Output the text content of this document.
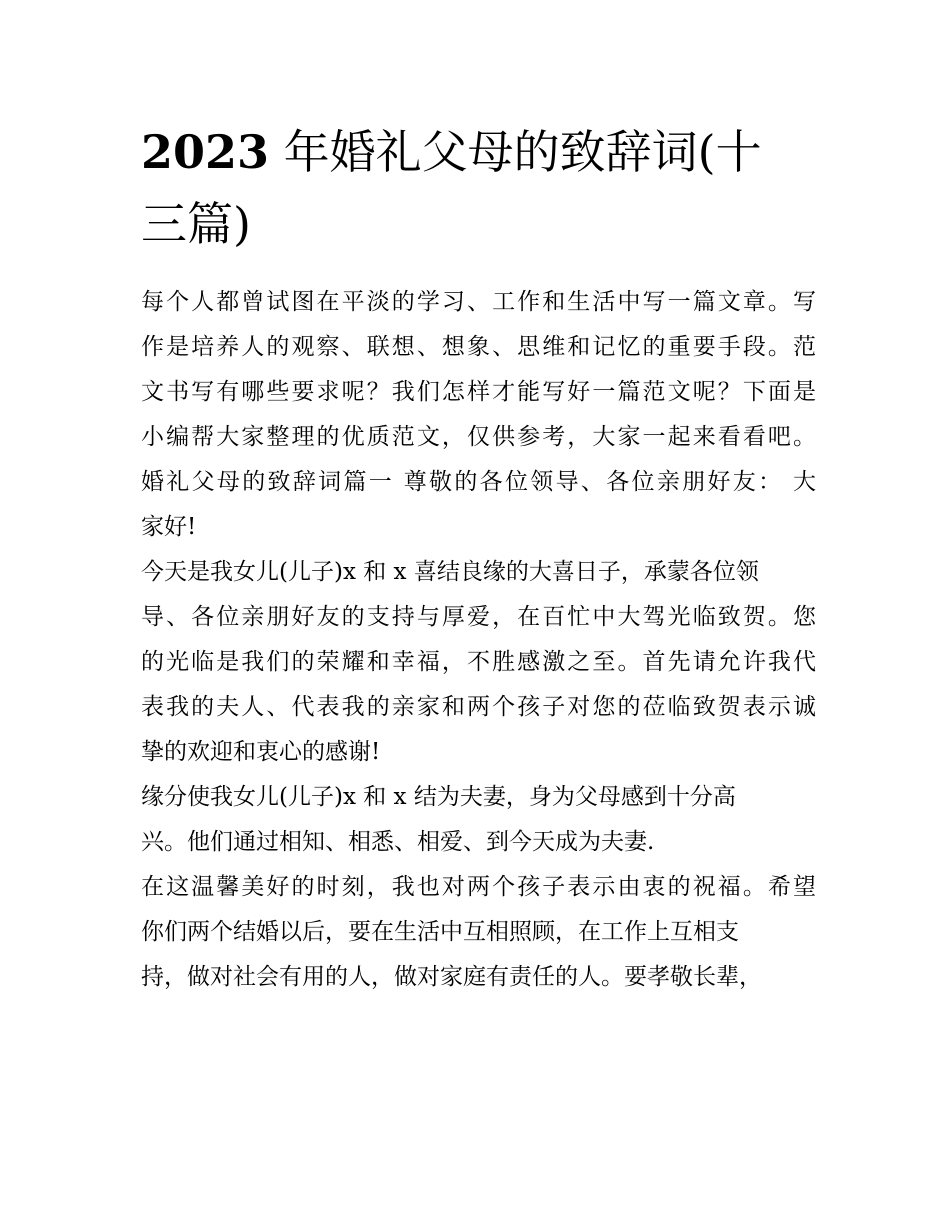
2023 年婚礼父母的致辞词(十
三篇)
每个人都曾试图在平淡的学习、工作和生活中写一篇文章。写
作是培养人的观察、联想、想象、思维和记忆的重要手段。范
文书写有哪些要求呢？我们怎样才能写好一篇范文呢？下面是
小编帮大家整理的优质范文，仅供参考，大家一起来看看吧。
婚礼父母的致辞词篇一 尊敬的各位领导、各位亲朋好友： 大
家好!
今天是我女儿(儿子)x 和 x 喜结良缘的大喜日子，承蒙各位领
导、各位亲朋好友的支持与厚爱，在百忙中大驾光临致贺。您
的光临是我们的荣耀和幸福，不胜感激之至。首先请允许我代
表我的夫人、代表我的亲家和两个孩子对您的莅临致贺表示诚
挚的欢迎和衷心的感谢!
缘分使我女儿(儿子)x 和 x 结为夫妻，身为父母感到十分高
兴。他们通过相知、相悉、相爱、到今天成为夫妻.
在这温馨美好的时刻，我也对两个孩子表示由衷的祝福。希望
你们两个结婚以后，要在生活中互相照顾，在工作上互相支
持，做对社会有用的人，做对家庭有责任的人。要孝敬长辈，
